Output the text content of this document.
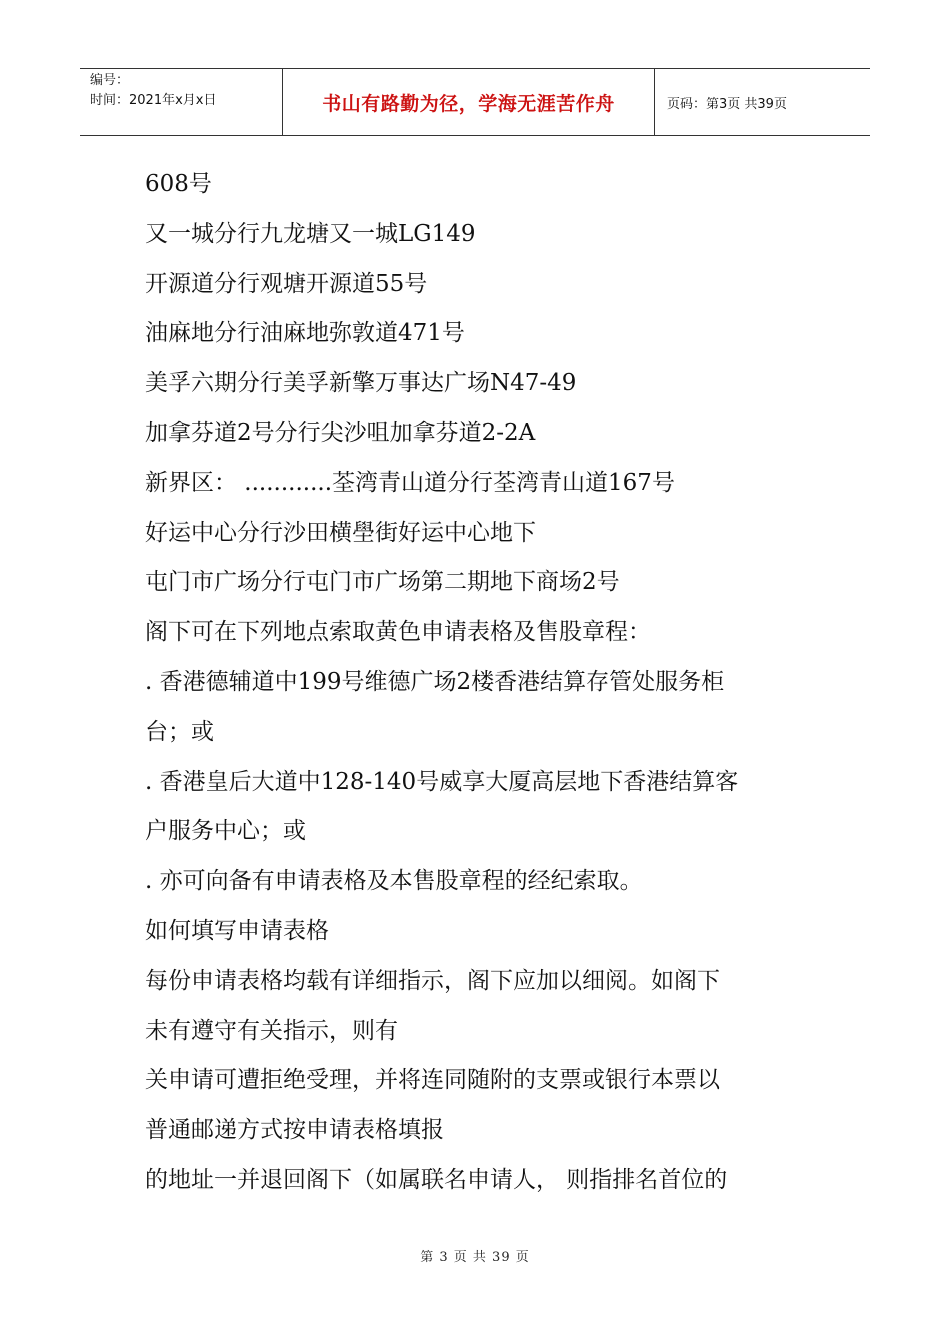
编号：
时间：2021年x月x日	书山有路勤为径，学海无涯苦作舟	页码：第3页 共39页
608号
又一城分行九龙塘又一城LG149
开源道分行观塘开源道55号
油麻地分行油麻地弥敦道471号
美孚六期分行美孚新擎万事达广场N47-49
加拿芬道2号分行尖沙咀加拿芬道2-2A
新界区： ............荃湾青山道分行荃湾青山道167号
好运中心分行沙田横壆街好运中心地下
屯门市广场分行屯门市广场第二期地下商场2号
阁下可在下列地点索取黄色申请表格及售股章程：
. 香港德辅道中199号维德广场2楼香港结算存管处服务柜
台；或
. 香港皇后大道中128-140号威享大厦高层地下香港结算客
户服务中心；或
. 亦可向备有申请表格及本售股章程的经纪索取。
如何填写申请表格
每份申请表格均载有详细指示，阁下应加以细阅。如阁下
未有遵守有关指示，则有
关申请可遭拒绝受理，并将连同随附的支票或银行本票以
普通邮递方式按申请表格填报
的地址一并退回阁下（如属联名申请人， 则指排名首位的
第 3 页 共 39 页
